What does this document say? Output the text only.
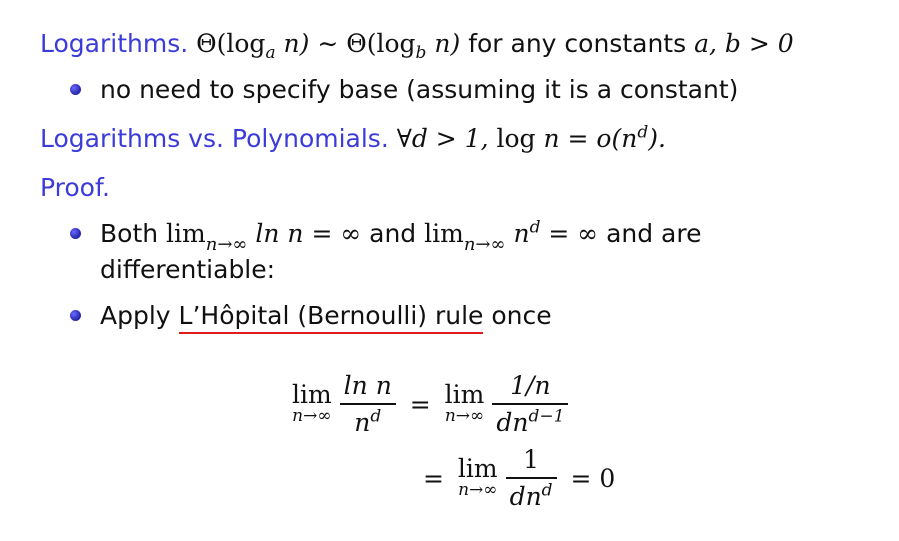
Logarithms. $\Theta(\log_a$ n) ∼ $\Theta(\log_b$ n) for any constants a, b > 0
no need to specify base (assuming it is a constant)
Logarithms vs. Polynomials. ∀d > 1, $\log n = o(n^d)$.
Proof.
Both $\lim_{n\to\infty} \ln n$ = ∞ and $\lim_{n\to\infty} n^d$ = ∞ and are
differentiable:
Apply L’Hôpital (Bernoulli) rule once
lim
n→∞
$\frac{\text{ln n}}{n^d} = \lim$
n→∞
$\frac{1/n}{dn^{d-1}}$
= lim
n→∞
$\frac{1}{dn^d} = 0$
